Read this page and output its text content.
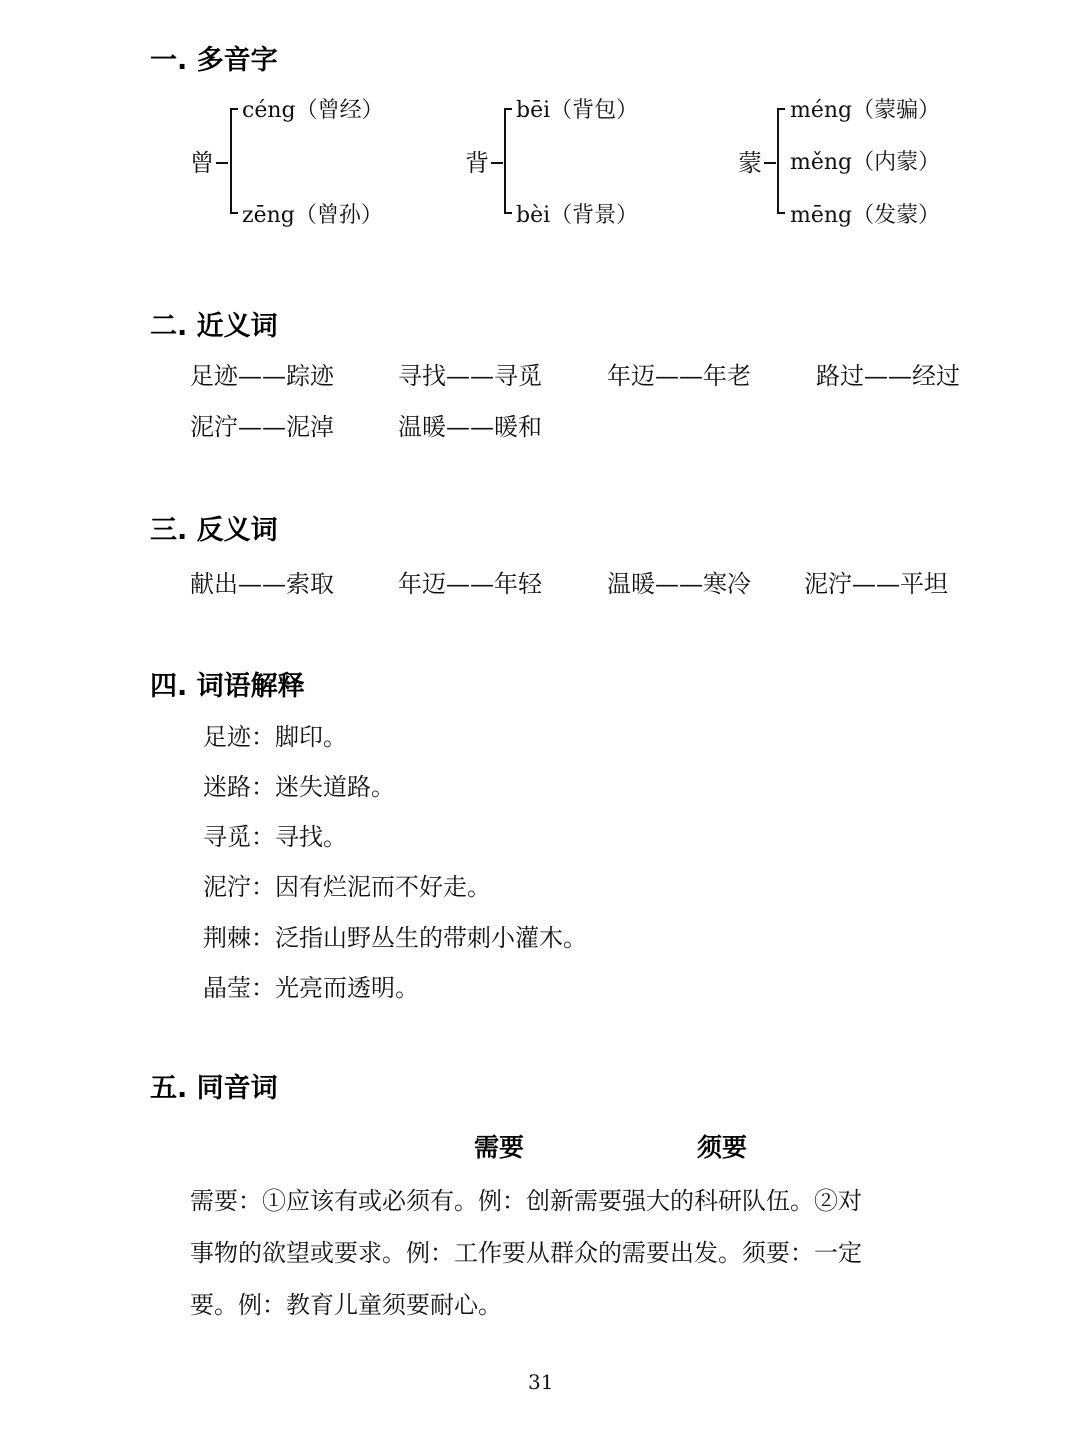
一. 多音字
曾
céng（曾经）
zēng（曾孙）
背
bēi（背包）
bèi（背景）
蒙
méng（蒙骗）
měng（内蒙）
mēng（发蒙）
二. 近义词
足迹——踪迹	寻找——寻觅	年迈——年老	路过——经过
泥泞——泥淖	温暖——暖和
三. 反义词
献出——索取	年迈——年轻	温暖——寒冷 泥泞——平坦
四. 词语解释
足迹：脚印。
迷路：迷失道路。
寻觅：寻找。
泥泞：因有烂泥而不好走。
荆棘：泛指山野丛生的带刺小灌木。
晶莹：光亮而透明。
五. 同音词
需要	须要
需要：①应该有或必须有。例：创新需要强大的科研队伍。②对
事物的欲望或要求。例：工作要从群众的需要出发。须要：一定
要。例：教育儿童须要耐心。
31
